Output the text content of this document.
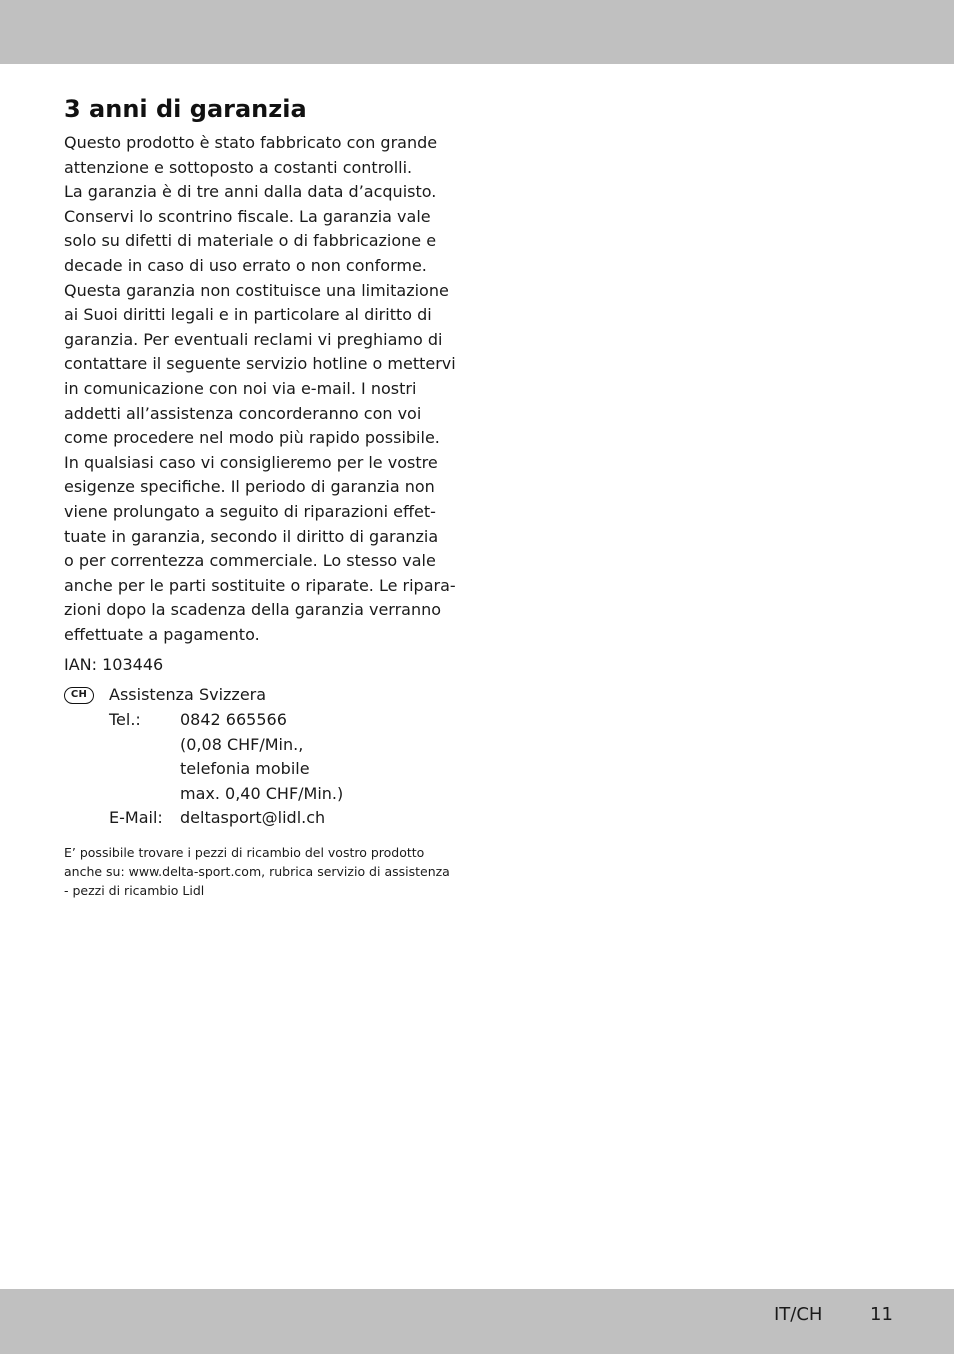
3 anni di garanzia
Questo prodotto è stato fabbricato con grande
attenzione e sottoposto a costanti controlli.
La garanzia è di tre anni dalla data d’acquisto.
Conservi lo scontrino fiscale. La garanzia vale
solo su difetti di materiale o di fabbricazione e
decade in caso di uso errato o non conforme.
Questa garanzia non costituisce una limitazione
ai Suoi diritti legali e in particolare al diritto di
garanzia. Per eventuali reclami vi preghiamo di
contattare il seguente servizio hotline o mettervi
in comunicazione con noi via e-mail. I nostri
addetti all’assistenza concorderanno con voi
come procedere nel modo più rapido possibile.
In qualsiasi caso vi consiglieremo per le vostre
esigenze specifiche. Il periodo di garanzia non
viene prolungato a seguito di riparazioni effet-
tuate in garanzia, secondo il diritto di garanzia
o per correntezza commerciale. Lo stesso vale
anche per le parti sostituite o riparate. Le ripara-
zioni dopo la scadenza della garanzia verranno
effettuate a pagamento.
IAN: 103446
CH	Assistenza Svizzera
Tel.: 0842 665566
(0,08 CHF/Min.,
telefonia mobile
max. 0,40 CHF/Min.)
E-Mail: deltasport@lidl.ch
E’ possibile trovare i pezzi di ricambio del vostro prodotto
anche su: www.delta-sport.com, rubrica servizio di assistenza
- pezzi di ricambio Lidl
IT/CH	11
